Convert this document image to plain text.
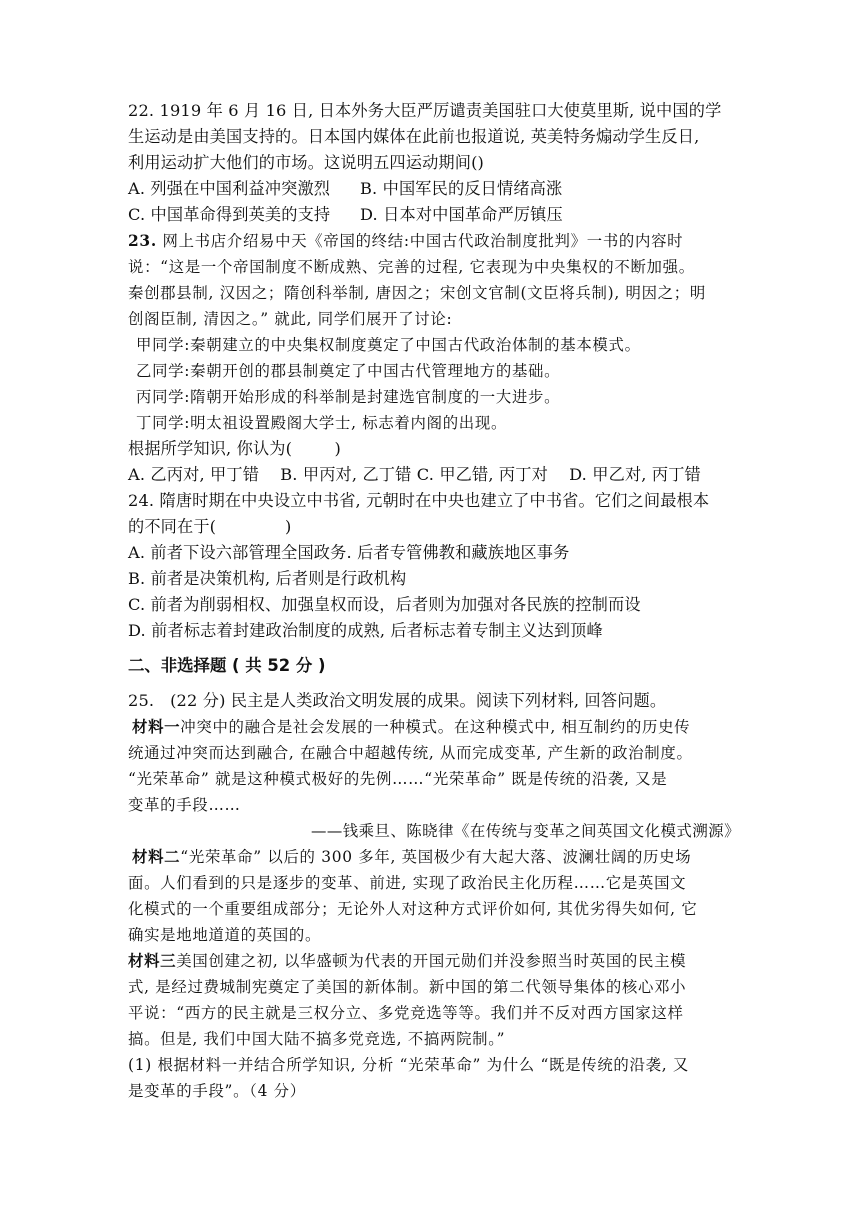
22. 1919 年 6 月 16 日, 日本外务大臣严厉谴责美国驻口大使莫里斯, 说中国的学
生运动是由美国支持的。日本国内媒体在此前也报道说, 英美特务煽动学生反日,
利用运动扩大他们的市场。这说明五四运动期间()
A. 列强在中国利益冲突激烈 B. 中国军民的反日情绪高涨
C. 中国革命得到英美的支持 D. 日本对中国革命严厉镇压
23. 网上书店介绍易中天《帝国的终结:中国古代政治制度批判》一书的内容时
说：“这是一个帝国制度不断成熟、完善的过程, 它表现为中央集权的不断加强。
秦创郡县制, 汉因之；隋创科举制, 唐因之；宋创文官制(文臣将兵制), 明因之；明
创阁臣制, 清因之。” 就此, 同学们展开了讨论:
甲同学:秦朝建立的中央集权制度奠定了中国古代政治体制的基本模式。
乙同学:秦朝开创的郡县制奠定了中国古代管理地方的基础。
丙同学:隋朝开始形成的科举制是封建选官制度的一大进步。
丁同学:明太祖设置殿阁大学士, 标志着内阁的出现。
根据所学知识, 你认为(        )
A. 乙丙对, 甲丁错    B. 甲丙对, 乙丁错 C. 甲乙错, 丙丁对    D. 甲乙对, 丙丁错
24. 隋唐时期在中央设立中书省, 元朝时在中央也建立了中书省。它们之间最根本
的不同在于(             )
A. 前者下设六部管理全国政务. 后者专管佛教和藏族地区事务
B. 前者是决策机构, 后者则是行政机构
C. 前者为削弱相权、加强皇权而设，后者则为加强对各民族的控制而设
D. 前者标志着封建政治制度的成熟, 后者标志着专制主义达到顶峰
二、非选择题 ( 共 52 分 )
25.   (22 分) 民主是人类政治文明发展的成果。阅读下列材料, 回答问题。
材料一冲突中的融合是社会发展的一种模式。在这种模式中, 相互制约的历史传
统通过冲突而达到融合, 在融合中超越传统, 从而完成变革, 产生新的政治制度。
“光荣革命” 就是这种模式极好的先例……“光荣革命” 既是传统的沿袭, 又是
变革的手段……
——钱乘旦、陈晓律《在传统与变革之间英国文化模式溯源》
材料二“光荣革命” 以后的 300 多年, 英国极少有大起大落、波澜壮阔的历史场
面。人们看到的只是逐步的变革、前进, 实现了政治民主化历程……它是英国文
化模式的一个重要组成部分；无论外人对这种方式评价如何, 其优劣得失如何, 它
确实是地地道道的英国的。
材料三美国创建之初, 以华盛顿为代表的开国元勋们并没参照当时英国的民主模
式, 是经过费城制宪奠定了美国的新体制。新中国的第二代领导集体的核心邓小
平说：“西方的民主就是三权分立、多党竞选等等。我们并不反对西方国家这样
搞。但是, 我们中国大陆不搞多党竞选, 不搞两院制。”
(1) 根据材料一并结合所学知识, 分析 “光荣革命” 为什么 “既是传统的沿袭, 又
是变革的手段”。（4 分）
